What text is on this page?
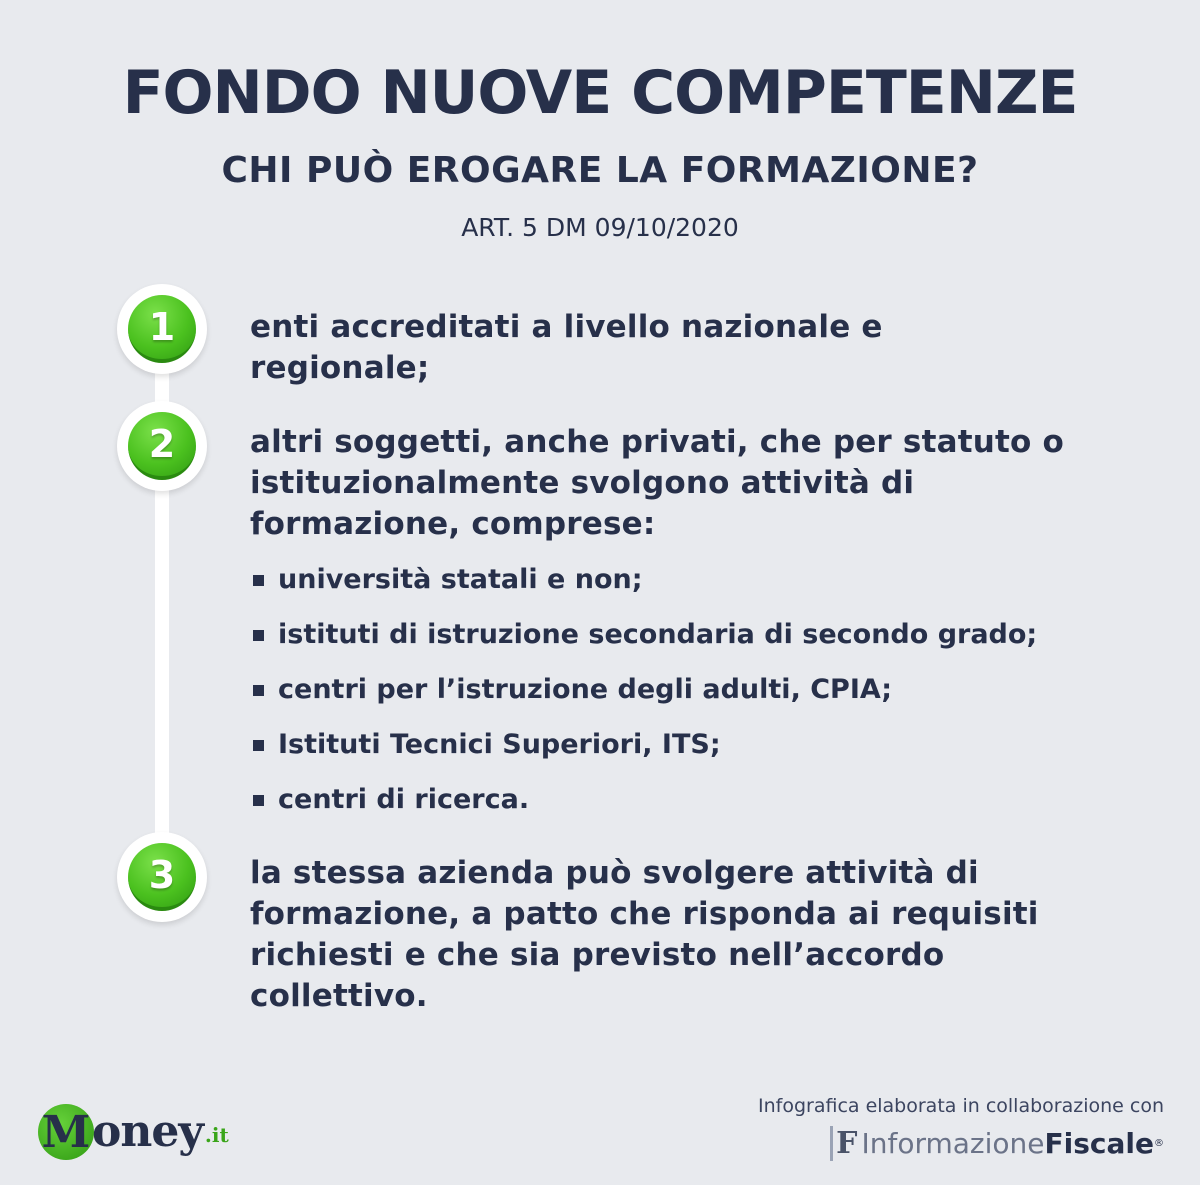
FONDO NUOVE COMPETENZE
CHI PUÒ EROGARE LA FORMAZIONE?
ART. 5 DM 09/10/2020
1
2
3
enti accreditati a livello nazionale e regionale;
altri soggetti, anche privati, che per statuto o istituzionalmente svolgono attività di formazione, comprese:
università statali e non;
istituti di istruzione secondaria di secondo grado;
centri per l’istruzione degli adulti, CPIA;
Istituti Tecnici Superiori, ITS;
centri di ricerca.
la stessa azienda può svolgere attività di formazione, a patto che risponda ai requisiti richiesti e che sia previsto nell’accordo collettivo.
M oney .it
Infografica elaborata in collaborazione con
F Informazione Fiscale ®
